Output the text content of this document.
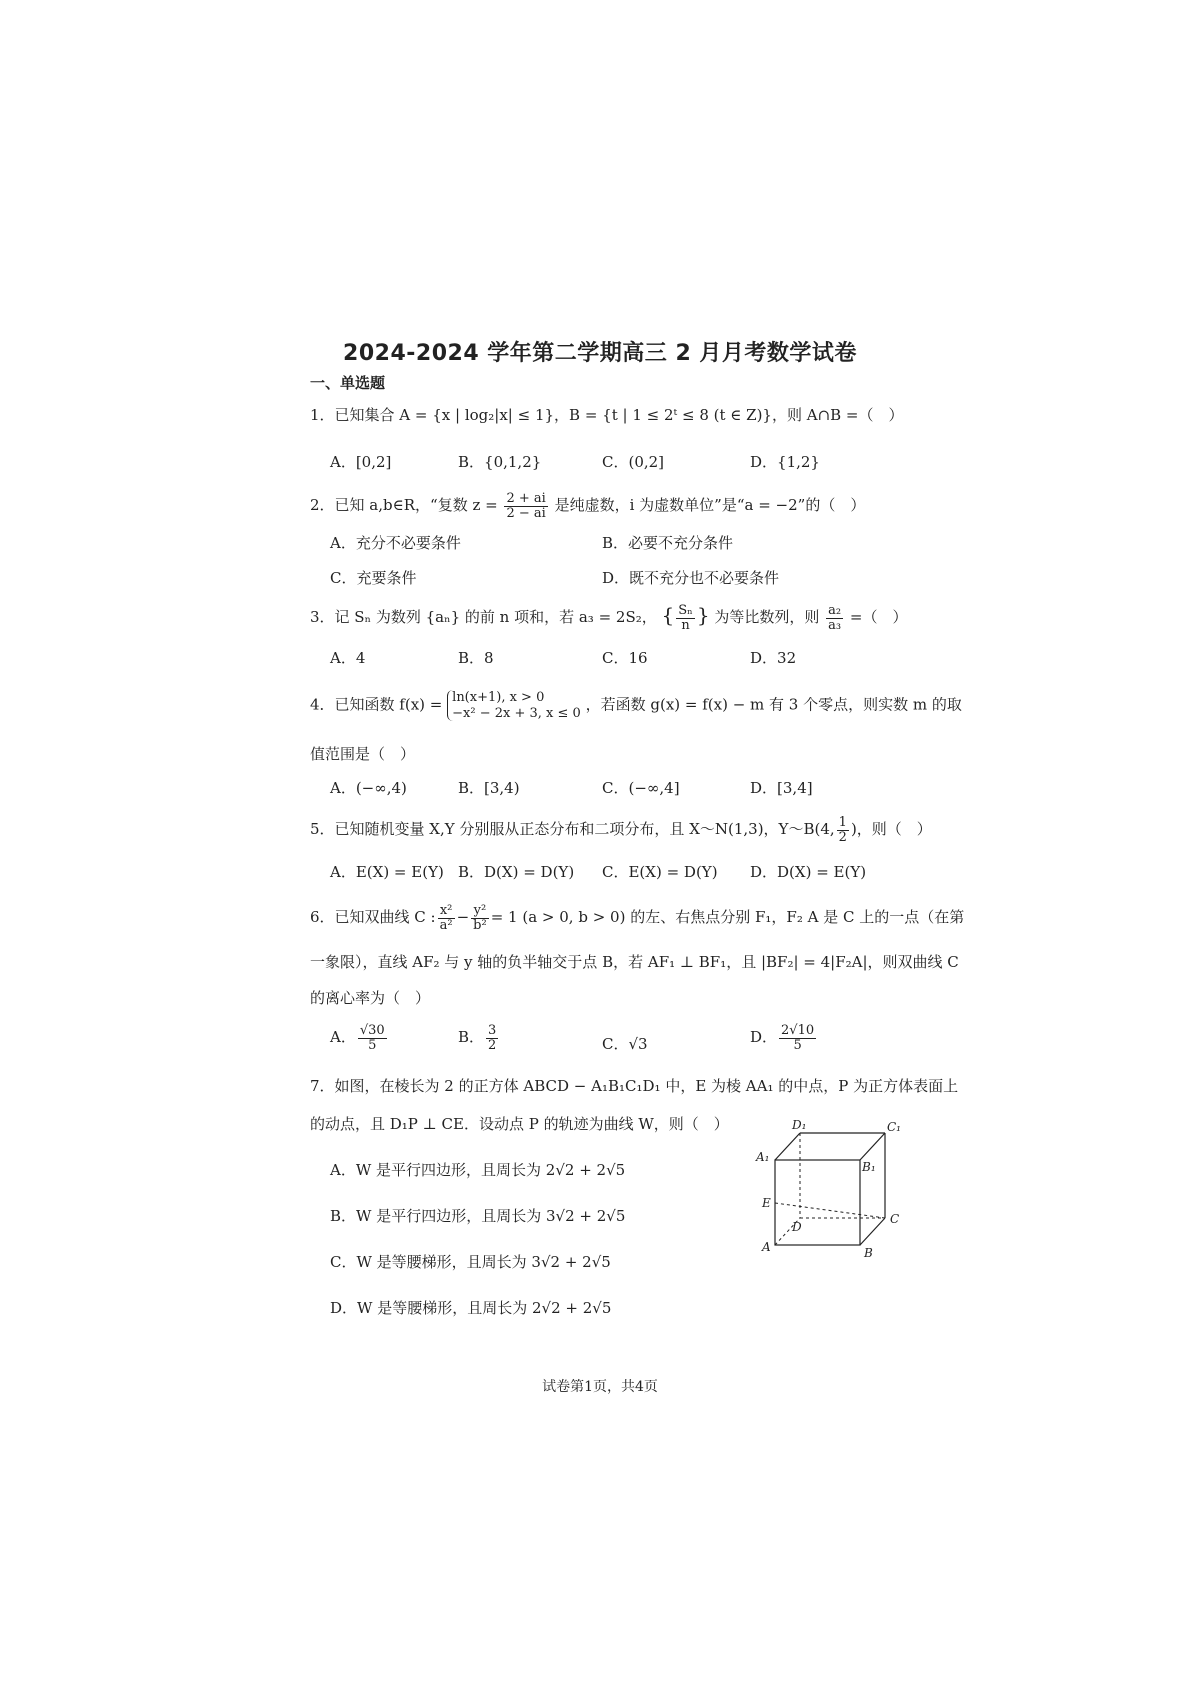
2024-2024 学年第二学期高三 2 月月考数学试卷
一、单选题
1．已知集合 A = {x | log₂|x| ≤ 1}，B = {t | 1 ≤ 2ᵗ ≤ 8 (t ∈ Z)}，则 A∩B =（　）
A．[0,2]	B．{0,1,2}	C．(0,2]	D．{1,2}
2．已知 a,b∈R，“复数 $z = \frac{2 + ai}{2 - ai}$ 是纯虚数，i 为虚数单位”是“a = −2”的（　）
A．充分不必要条件	B．必要不充分条件
C．充要条件	D．既不充分也不必要条件
3．记 Sₙ 为数列 {aₙ} 的前 n 项和，若 a₃ = 2S₂， { $\frac{\text{Sₙ}}{n}$ } 为等比数列，则 $\frac{\text{a₂}}{\text{a₃}}$ =（　）
A．4	B．8	C．16	D．32
4．已知函数 f(x) = ln(x+1), x > 0
−x² − 2x + 3, x ≤ 0 ，若函数 g(x) = f(x) − m 有 3 个零点，则实数 m 的取
值范围是（　）
A．(−∞,4)	B．[3,4)	C．(−∞,4]	D．[3,4]
5．已知随机变量 X,Y 分别服从正态分布和二项分布，且 X～N(1,3)，Y～B(4, $\frac{1}{2}$ )，则（　）
A．E(X) = E(Y) B．D(X) = D(Y) C．E(X) = D(Y) D．D(X) = E(Y)
6．已知双曲线 C : $\frac{\text{x²}}{\text{a²}} - \frac{\text{y²}}{\text{b²}} = 1$ (a > 0, b > 0) 的左、右焦点分别 F₁，F₂ A 是 C 上的一点（在第
一象限），直线 AF₂ 与 y 轴的负半轴交于点 B，若 AF₁ ⊥ BF₁，且 |BF₂| = 4|F₂A|，则双曲线 C
的离心率为（　）
A． $\frac{√30}{5}$	B． $\frac{3}{2}$	C．√3	D． $\frac{2√10}{5}$
7．如图，在棱长为 2 的正方体 ABCD − A₁B₁C₁D₁ 中，E 为棱 AA₁ 的中点，P 为正方体表面上
的动点，且 D₁P ⊥ CE．设动点 P 的轨迹为曲线 W，则（　）
A．W 是平行四边形，且周长为 2√2 + 2√5
B．W 是平行四边形，且周长为 3√2 + 2√5
C．W 是等腰梯形，且周长为 3√2 + 2√5
D．W 是等腰梯形，且周长为 2√2 + 2√5
D₁	C₁
A₁
B₁
E
D
C
A	B
试卷第1页，共4页
